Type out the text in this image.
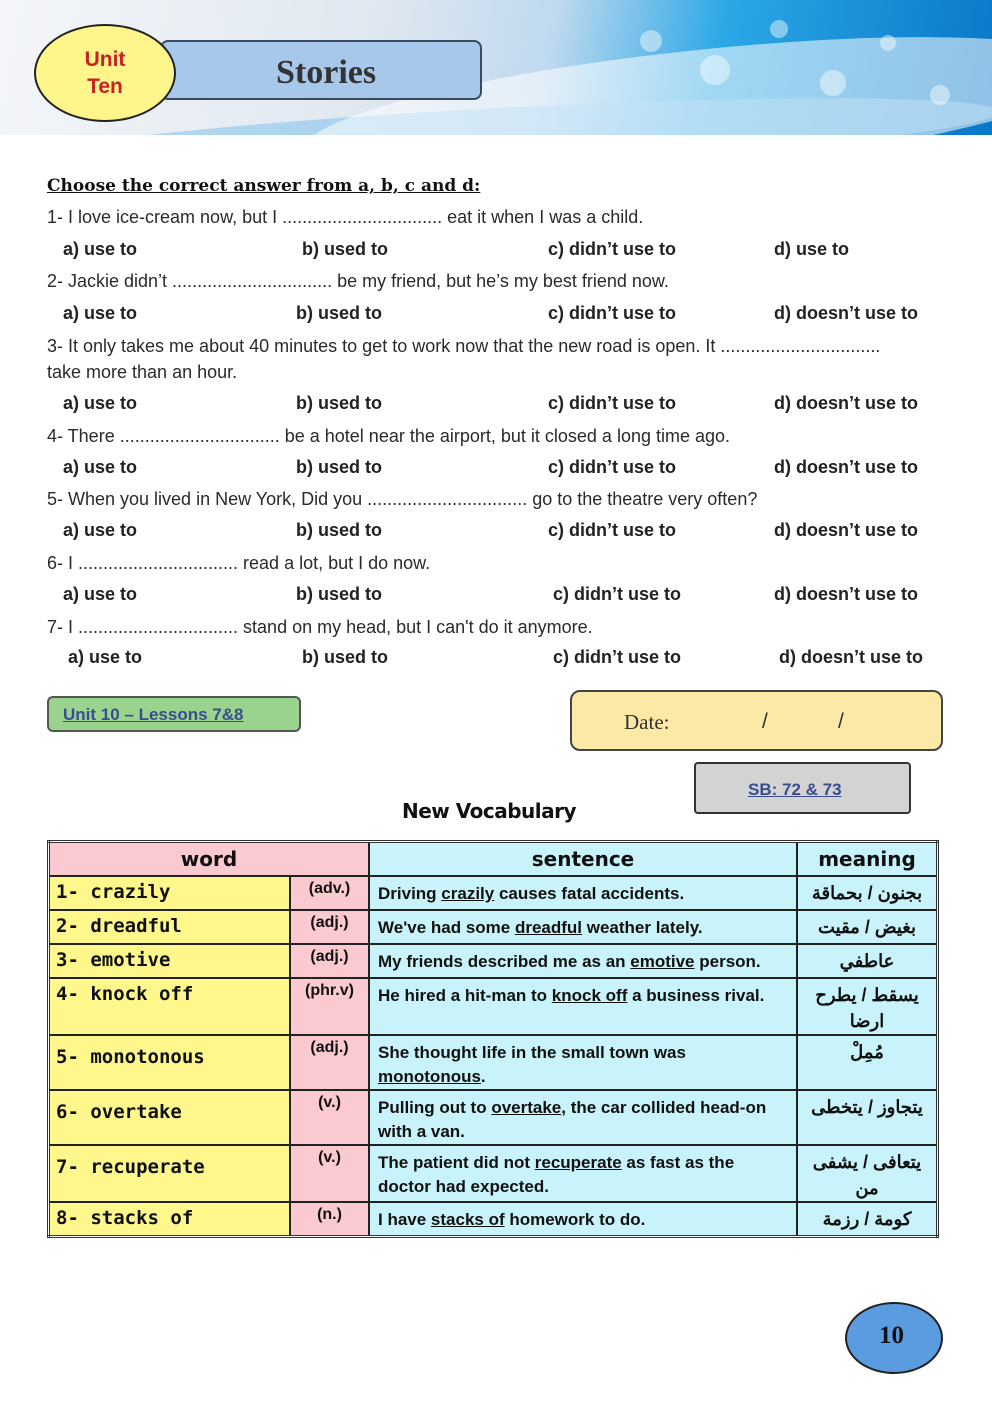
Stories
Unit
Ten
Choose the correct answer from a, b, c and d:
1- I love ice-cream now, but I ................................ eat it when I was a child.
a) use to	b) used to	c) didn’t use to	d) use to
2- Jackie didn’t ................................ be my friend, but he’s my best friend now.
a) use to	b) used to	c) didn’t use to	d) doesn’t use to
3- It only takes me about 40 minutes to get to work now that the new road is open. It ................................
take more than an hour.
a) use to	b) used to	c) didn’t use to	d) doesn’t use to
4- There ................................ be a hotel near the airport, but it closed a long time ago.
a) use to	b) used to	c) didn’t use to	d) doesn’t use to
5- When you lived in New York, Did you ................................ go to the theatre very often?
a) use to	b) used to	c) didn’t use to	d) doesn’t use to
6- I ................................ read a lot, but I do now.
a) use to	b) used to	c) didn’t use to	d) doesn’t use to
7- I ................................ stand on my head, but I can't do it anymore.
a) use to	b) used to	c) didn’t use to	d) doesn’t use to
Unit 10 – Lessons 7&8	Date:	/	/
SB: 72 & 73
New Vocabulary
word		sentence	meaning

1- crazily	(adv.)	Driving crazily causes fatal accidents.	بجنون / بحماقة

2- dreadful	(adj.)	We've had some dreadful weather lately.	بغيض / مقيت

3- emotive	(adj.)	My friends described me as an emotive person.	عاطفي

4- knock off	(phr.v)	He hired a hit-man to knock off a business rival.	يسقط / يطرح ارضا

5- monotonous	(adj.)	She thought life in the small town was monotonous.	مُمِلْ

6- overtake	(v.)	Pulling out to overtake, the car collided head-on with a van.	يتجاوز / يتخطى

7- recuperate	(v.)	The patient did not recuperate as fast as the doctor had expected.	يتعافى / يشفى من

8- stacks of	(n.)	I have stacks of homework to do.	كومة / رزمة
10
